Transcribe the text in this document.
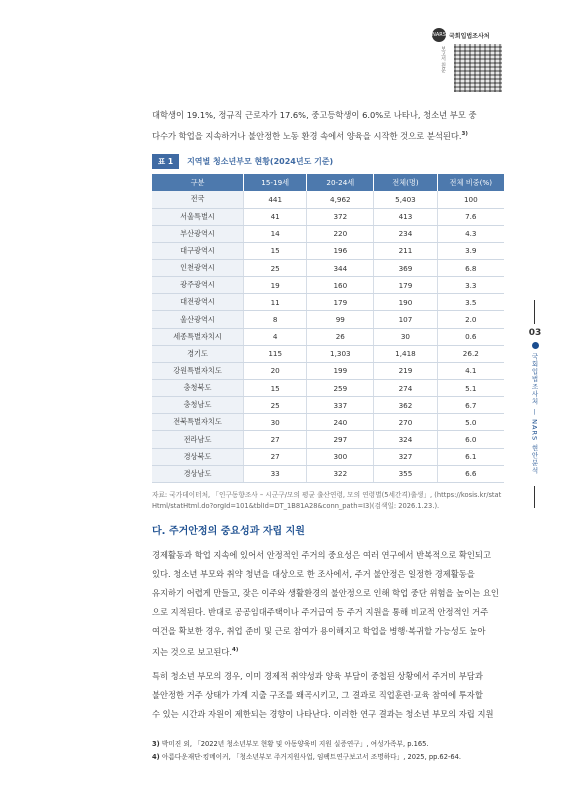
NARS 국회입법조사처
보고서 원문
대학생이 19.1%, 정규직 근로자가 17.6%, 중고등학생이 6.0%로 나타나, 청소년 부모 중
다수가 학업을 지속하거나 불안정한 노동 환경 속에서 양육을 시작한 것으로 분석된다.$^{3)}$
표 1	지역별 청소년부모 현황(2024년도 기준)
구분	15-19세	20-24세	전체(명)	전체 비중(%)
전국	441	4,962	5,403	100
서울특별시	41	372	413	7.6
부산광역시	14	220	234	4.3
대구광역시	15	196	211	3.9
인천광역시	25	344	369	6.8
광주광역시	19	160	179	3.3
대전광역시	11	179	190	3.5
울산광역시	8	99	107	2.0
세종특별자치시	4	26	30	0.6
경기도	115	1,303	1,418	26.2
강원특별자치도	20	199	219	4.1
충청북도	15	259	274	5.1
충청남도	25	337	362	6.7
전북특별자치도	30	240	270	5.0
전라남도	27	297	324	6.0
경상북도	27	300	327	6.1
경상남도	33	322	355	6.6
자료: 국가데이터처, 「인구동향조사 – 시군구/모의 평균 출산연령, 모의 연령별(5세간격)출생」, (https://kosis.kr/stat
Html/statHtml.do?orgId=101&tblId=DT_1B81A28&conn_path=I3)(검색일: 2026.1.23.).
다. 주거안정의 중요성과 자립 지원
경제활동과 학업 지속에 있어서 안정적인 주거의 중요성은 여러 연구에서 반복적으로 확인되고
있다. 청소년 부모와 취약 청년을 대상으로 한 조사에서, 주거 불안정은 일정한 경제활동을
유지하기 어렵게 만들고, 잦은 이주와 생활환경의 불안정으로 인해 학업 중단 위험을 높이는 요인
으로 지적된다. 반대로 공공임대주택이나 주거급여 등 주거 지원을 통해 비교적 안정적인 거주
여건을 확보한 경우, 취업 준비 및 근로 참여가 용이해지고 학업을 병행·복귀할 가능성도 높아
지는 것으로 보고된다.$^{4)}$
특히 청소년 부모의 경우, 이미 경제적 취약성과 양육 부담이 중첩된 상황에서 주거비 부담과
불안정한 거주 상태가 가계 지출 구조를 왜곡시키고, 그 결과로 직업훈련·교육 참여에 투자할
수 있는 시간과 자원이 제한되는 경향이 나타난다. 이러한 연구 결과는 청소년 부모의 자립 지원
3) 박미진 외, 「2022년 청소년부모 현황 및 아동양육비 지원 실증연구」, 여성가족부, p.165.
4) 아름다운재단·킹메이커, 「청소년부모 주거지원사업, 임팩트연구보고서 조명하다」, 2025, pp.62-64.
03
국회입법조사처 — NARS 현안분석
